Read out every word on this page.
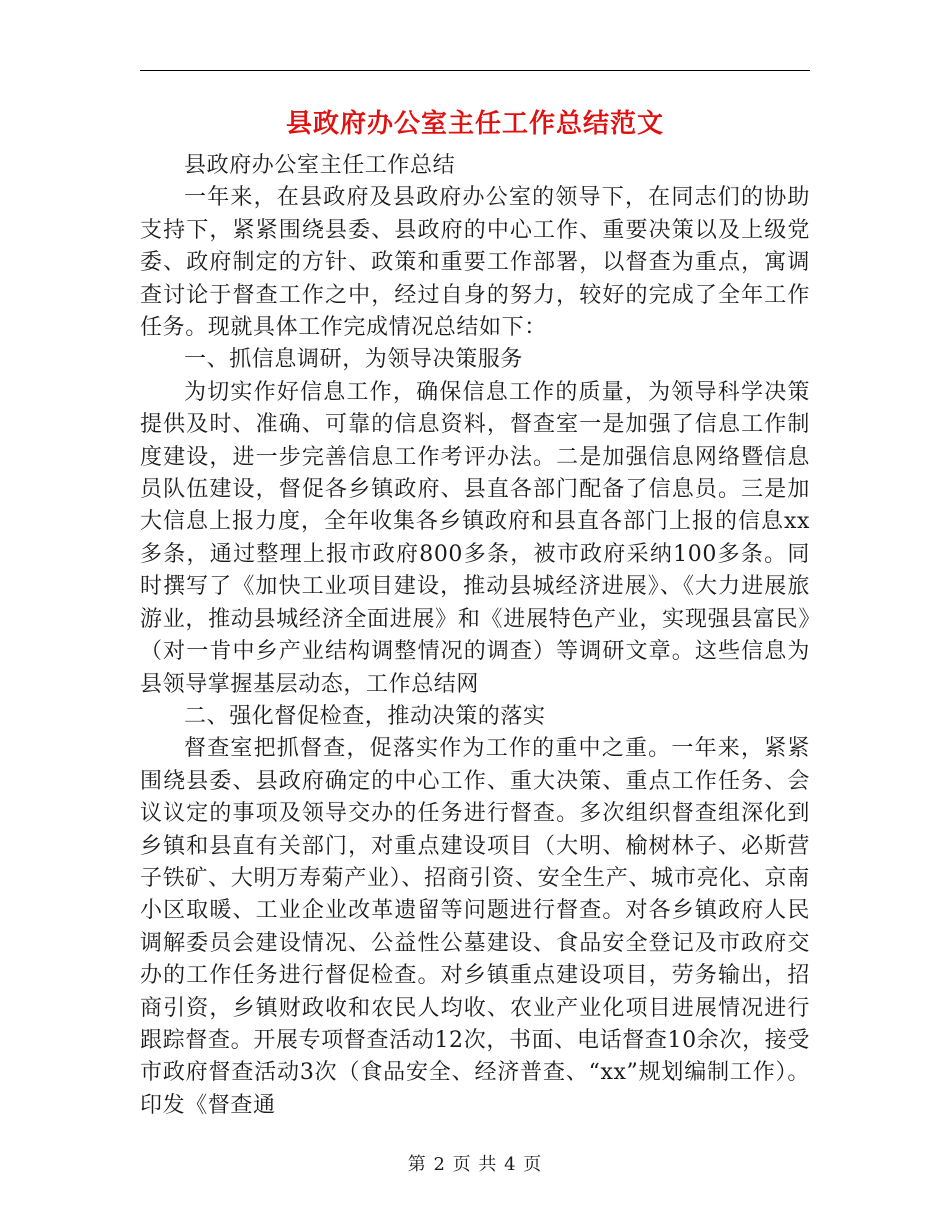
县政府办公室主任工作总结范文

县政府办公室主任工作总结

一年来，在县政府及县政府办公室的领导下，在同志们的协助支持下，紧紧围绕县委、县政府的中心工作、重要决策以及上级党委、政府制定的方针、政策和重要工作部署，以督查为重点，寓调查讨论于督查工作之中，经过自身的努力，较好的完成了全年工作任务。现就具体工作完成情况总结如下：

一、抓信息调研，为领导决策服务

为切实作好信息工作，确保信息工作的质量，为领导科学决策提供及时、准确、可靠的信息资料，督查室一是加强了信息工作制度建设，进一步完善信息工作考评办法。二是加强信息网络暨信息员队伍建设，督促各乡镇政府、县直各部门配备了信息员。三是加大信息上报力度，全年收集各乡镇政府和县直各部门上报的信息xx多条，通过整理上报市政府800多条，被市政府采纳100多条。同时撰写了《加快工业项目建设，推动县城经济进展》、《大力进展旅游业，推动县城经济全面进展》和《进展特色产业，实现强县富民》（对一肯中乡产业结构调整情况的调查）等调研文章。这些信息为县领导掌握基层动态，工作总结网

二、强化督促检查，推动决策的落实

督查室把抓督查，促落实作为工作的重中之重。一年来，紧紧围绕县委、县政府确定的中心工作、重大决策、重点工作任务、会议议定的事项及领导交办的任务进行督查。多次组织督查组深化到乡镇和县直有关部门，对重点建设项目（大明、榆树林子、必斯营子铁矿、大明万寿菊产业）、招商引资、安全生产、城市亮化、京南小区取暖、工业企业改革遗留等问题进行督查。对各乡镇政府人民调解委员会建设情况、公益性公墓建设、食品安全登记及市政府交办的工作任务进行督促检查。对乡镇重点建设项目，劳务输出，招商引资，乡镇财政收和农民人均收、农业产业化项目进展情况进行跟踪督查。开展专项督查活动12次，书面、电话督查10余次，接受市政府督查活动3次（食品安全、经济普查、“xx”规划编制工作）。印发《督查通

第 2 页 共 4 页
